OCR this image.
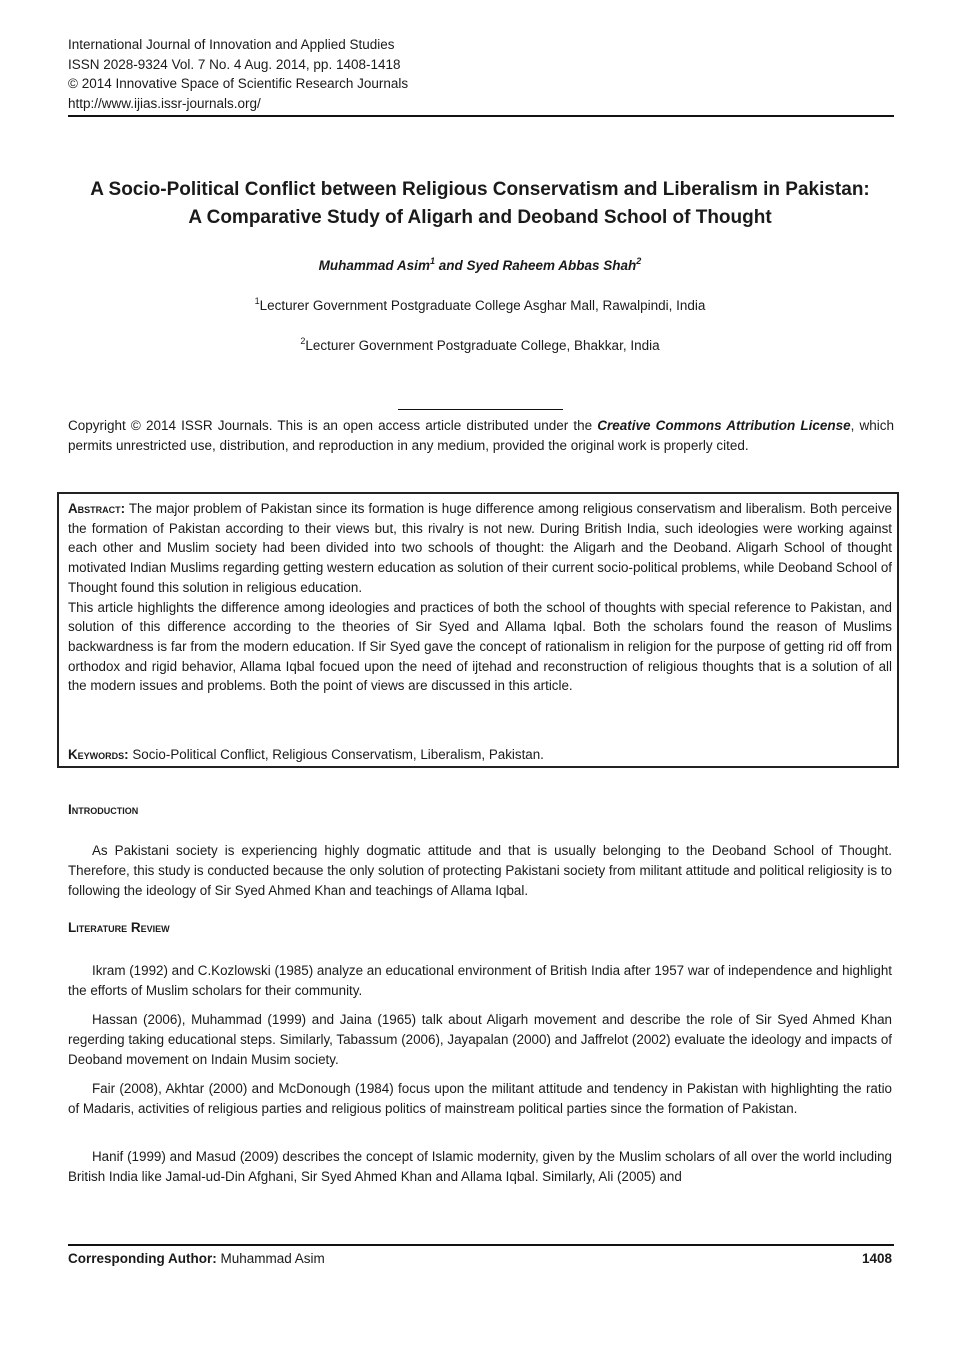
International Journal of Innovation and Applied Studies
ISSN 2028-9324 Vol. 7 No. 4 Aug. 2014, pp. 1408-1418
© 2014 Innovative Space of Scientific Research Journals
http://www.ijias.issr-journals.org/
A Socio-Political Conflict between Religious Conservatism and Liberalism in Pakistan:
A Comparative Study of Aligarh and Deoband School of Thought
Muhammad Asim$^1$ and Syed Raheem Abbas Shah$^2$
$^1$Lecturer Government Postgraduate College Asghar Mall, Rawalpindi, India
$^2$Lecturer Government Postgraduate College, Bhakkar, India
Copyright © 2014 ISSR Journals. This is an open access article distributed under the Creative Commons Attribution License, which permits unrestricted use, distribution, and reproduction in any medium, provided the original work is properly cited.

Abstract: The major problem of Pakistan since its formation is huge difference among religious conservatism and liberalism. Both perceive the formation of Pakistan according to their views but, this rivalry is not new. During British India, such ideologies were working against each other and Muslim society had been divided into two schools of thought: the Aligarh and the Deoband. Aligarh School of thought motivated Indian Muslims regarding getting western education as solution of their current socio-political problems, while Deoband School of Thought found this solution in religious education.

This article highlights the difference among ideologies and practices of both the school of thoughts with special reference to Pakistan, and solution of this difference according to the theories of Sir Syed and Allama Iqbal. Both the scholars found the reason of Muslims backwardness is far from the modern education. If Sir Syed gave the concept of rationalism in religion for the purpose of getting rid off from orthodox and rigid behavior, Allama Iqbal focued upon the need of ijtehad and reconstruction of religious thoughts that is a solution of all the modern issues and problems. Both the point of views are discussed in this article.

Keywords: Socio-Political Conflict, Religious Conservatism, Liberalism, Pakistan.
Introduction

As Pakistani society is experiencing highly dogmatic attitude and that is usually belonging to the Deoband School of Thought. Therefore, this study is conducted because the only solution of protecting Pakistani society from militant attitude and political religiosity is to following the ideology of Sir Syed Ahmed Khan and teachings of Allama Iqbal.

Literature Review

Ikram (1992) and C.Kozlowski (1985) analyze an educational environment of British India after 1957 war of independence and highlight the efforts of Muslim scholars for their community.

Hassan (2006), Muhammad (1999) and Jaina (1965) talk about Aligarh movement and describe the role of Sir Syed Ahmed Khan regerding taking educational steps. Similarly, Tabassum (2006), Jayapalan (2000) and Jaffrelot (2002) evaluate the ideology and impacts of Deoband movement on Indain Musim society.

Fair (2008), Akhtar (2000) and McDonough (1984) focus upon the militant attitude and tendency in Pakistan with highlighting the ratio of Madaris, activities of religious parties and religious politics of mainstream political parties since the formation of Pakistan.

Hanif (1999) and Masud (2009) describes the concept of Islamic modernity, given by the Muslim scholars of all over the world including British India like Jamal-ud-Din Afghani, Sir Syed Ahmed Khan and Allama Iqbal. Similarly, Ali (2005) and

Corresponding Author: Muhammad Asim	1408
